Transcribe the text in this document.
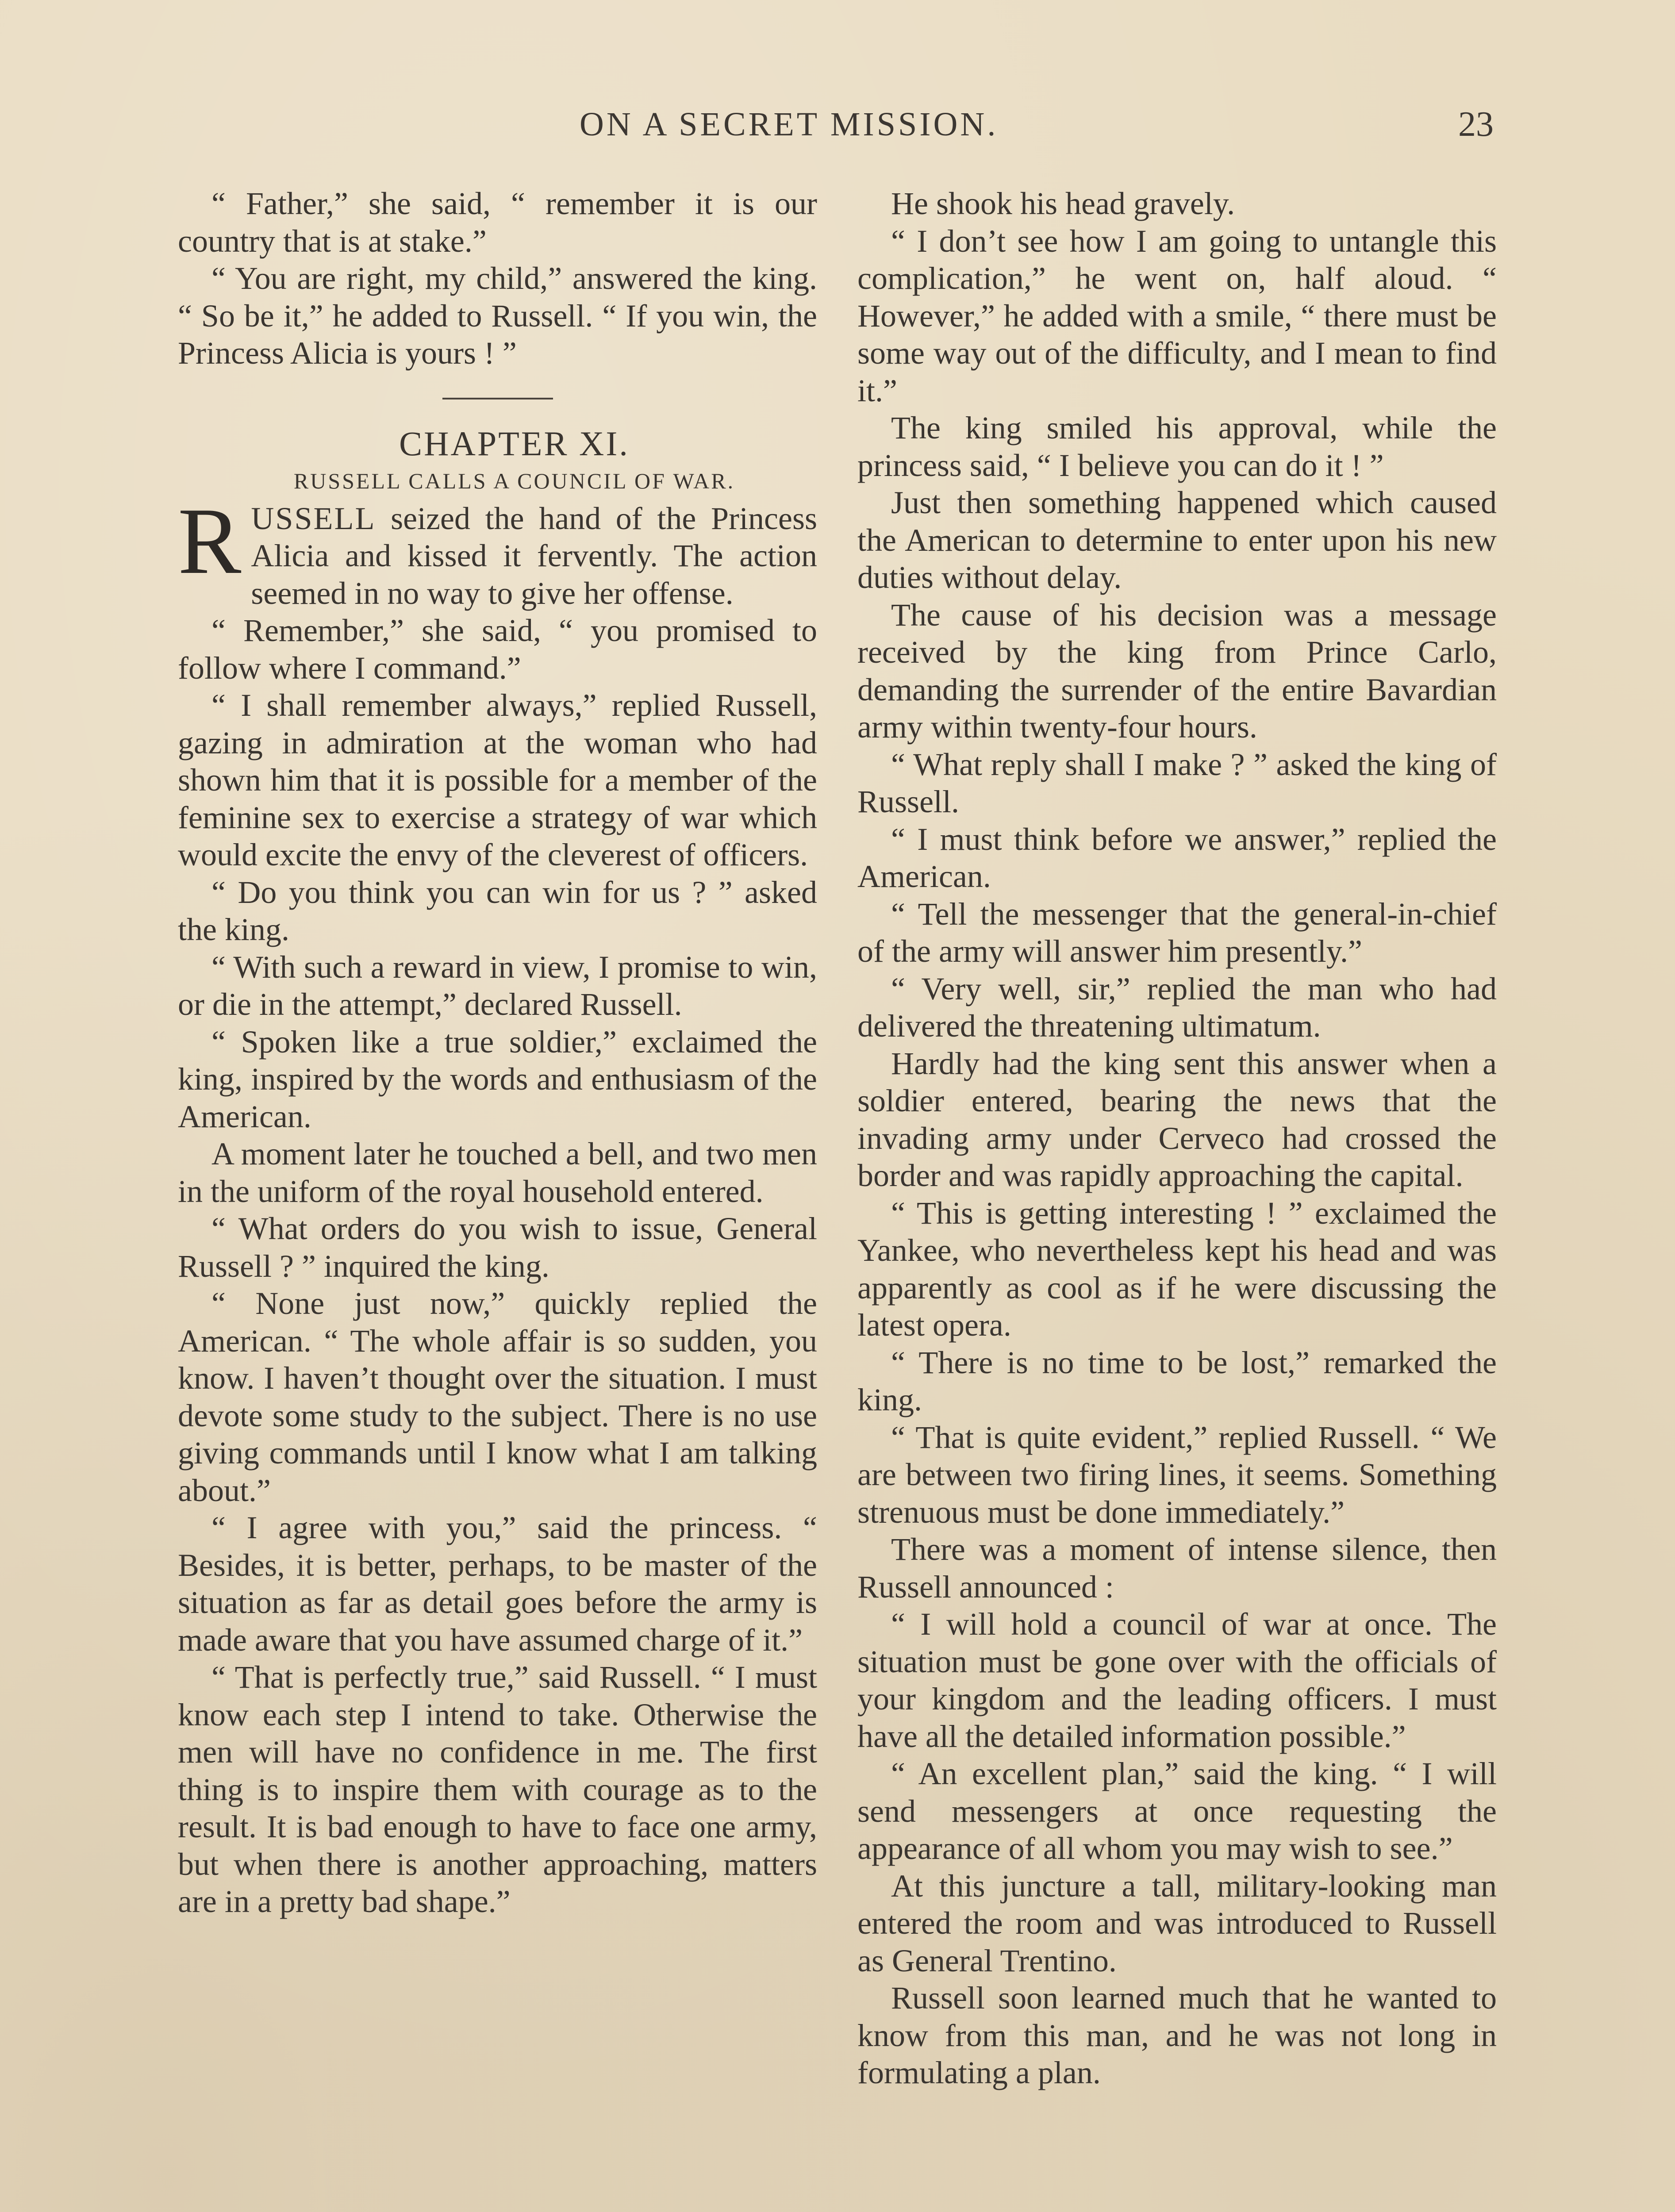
ON A SECRET MISSION.	23

“ Father,” she said, “ remember it is our country that is at stake.”

“ You are right, my child,” answered the king. “ So be it,” he added to Russell. “ If you win, the Princess Alicia is yours ! ”

CHAPTER XI.

RUSSELL CALLS A COUNCIL OF WAR.

RUSSELL seized the hand of the Princess Alicia and kissed it fervently. The action seemed in no way to give her offense.

“ Remember,” she said, “ you promised to follow where I command.”

“ I shall remember always,” replied Russell, gazing in admiration at the woman who had shown him that it is possible for a member of the feminine sex to exercise a strategy of war which would excite the envy of the cleverest of officers.

“ Do you think you can win for us ? ” asked the king.

“ With such a reward in view, I promise to win, or die in the attempt,” declared Russell.

“ Spoken like a true soldier,” exclaimed the king, inspired by the words and enthusiasm of the American.

A moment later he touched a bell, and two men in the uniform of the royal household entered.

“ What orders do you wish to issue, General Russell ? ” inquired the king.

“ None just now,” quickly replied the American. “ The whole affair is so sudden, you know. I haven’t thought over the situation. I must devote some study to the subject. There is no use giving commands until I know what I am talking about.”

“ I agree with you,” said the princess. “ Besides, it is better, perhaps, to be master of the situation as far as detail goes before the army is made aware that you have assumed charge of it.”

“ That is perfectly true,” said Russell. “ I must know each step I intend to take. Otherwise the men will have no confidence in me. The first thing is to inspire them with courage as to the result. It is bad enough to have to face one army, but when there is another approaching, matters are in a pretty bad shape.”

He shook his head gravely.

“ I don’t see how I am going to untangle this complication,” he went on, half aloud. “ However,” he added with a smile, “ there must be some way out of the difficulty, and I mean to find it.”

The king smiled his approval, while the princess said, “ I believe you can do it ! ”

Just then something happened which caused the American to determine to enter upon his new duties without delay.

The cause of his decision was a message received by the king from Prince Carlo, demanding the surrender of the entire Bavardian army within twenty-four hours.

“ What reply shall I make ? ” asked the king of Russell.

“ I must think before we answer,” replied the American.

“ Tell the messenger that the general-in-chief of the army will answer him presently.”

“ Very well, sir,” replied the man who had delivered the threatening ultimatum.

Hardly had the king sent this answer when a soldier entered, bearing the news that the invading army under Cerveco had crossed the border and was rapidly approaching the capital.

“ This is getting interesting ! ” exclaimed the Yankee, who nevertheless kept his head and was apparently as cool as if he were discussing the latest opera.

“ There is no time to be lost,” remarked the king.

“ That is quite evident,” replied Russell. “ We are between two firing lines, it seems. Something strenuous must be done immediately.”

There was a moment of intense silence, then Russell announced :

“ I will hold a council of war at once. The situation must be gone over with the officials of your kingdom and the leading officers. I must have all the detailed information possible.”

“ An excellent plan,” said the king. “ I will send messengers at once requesting the appearance of all whom you may wish to see.”

At this juncture a tall, military-looking man entered the room and was introduced to Russell as General Trentino.

Russell soon learned much that he wanted to know from this man, and he was not long in formulating a plan.
